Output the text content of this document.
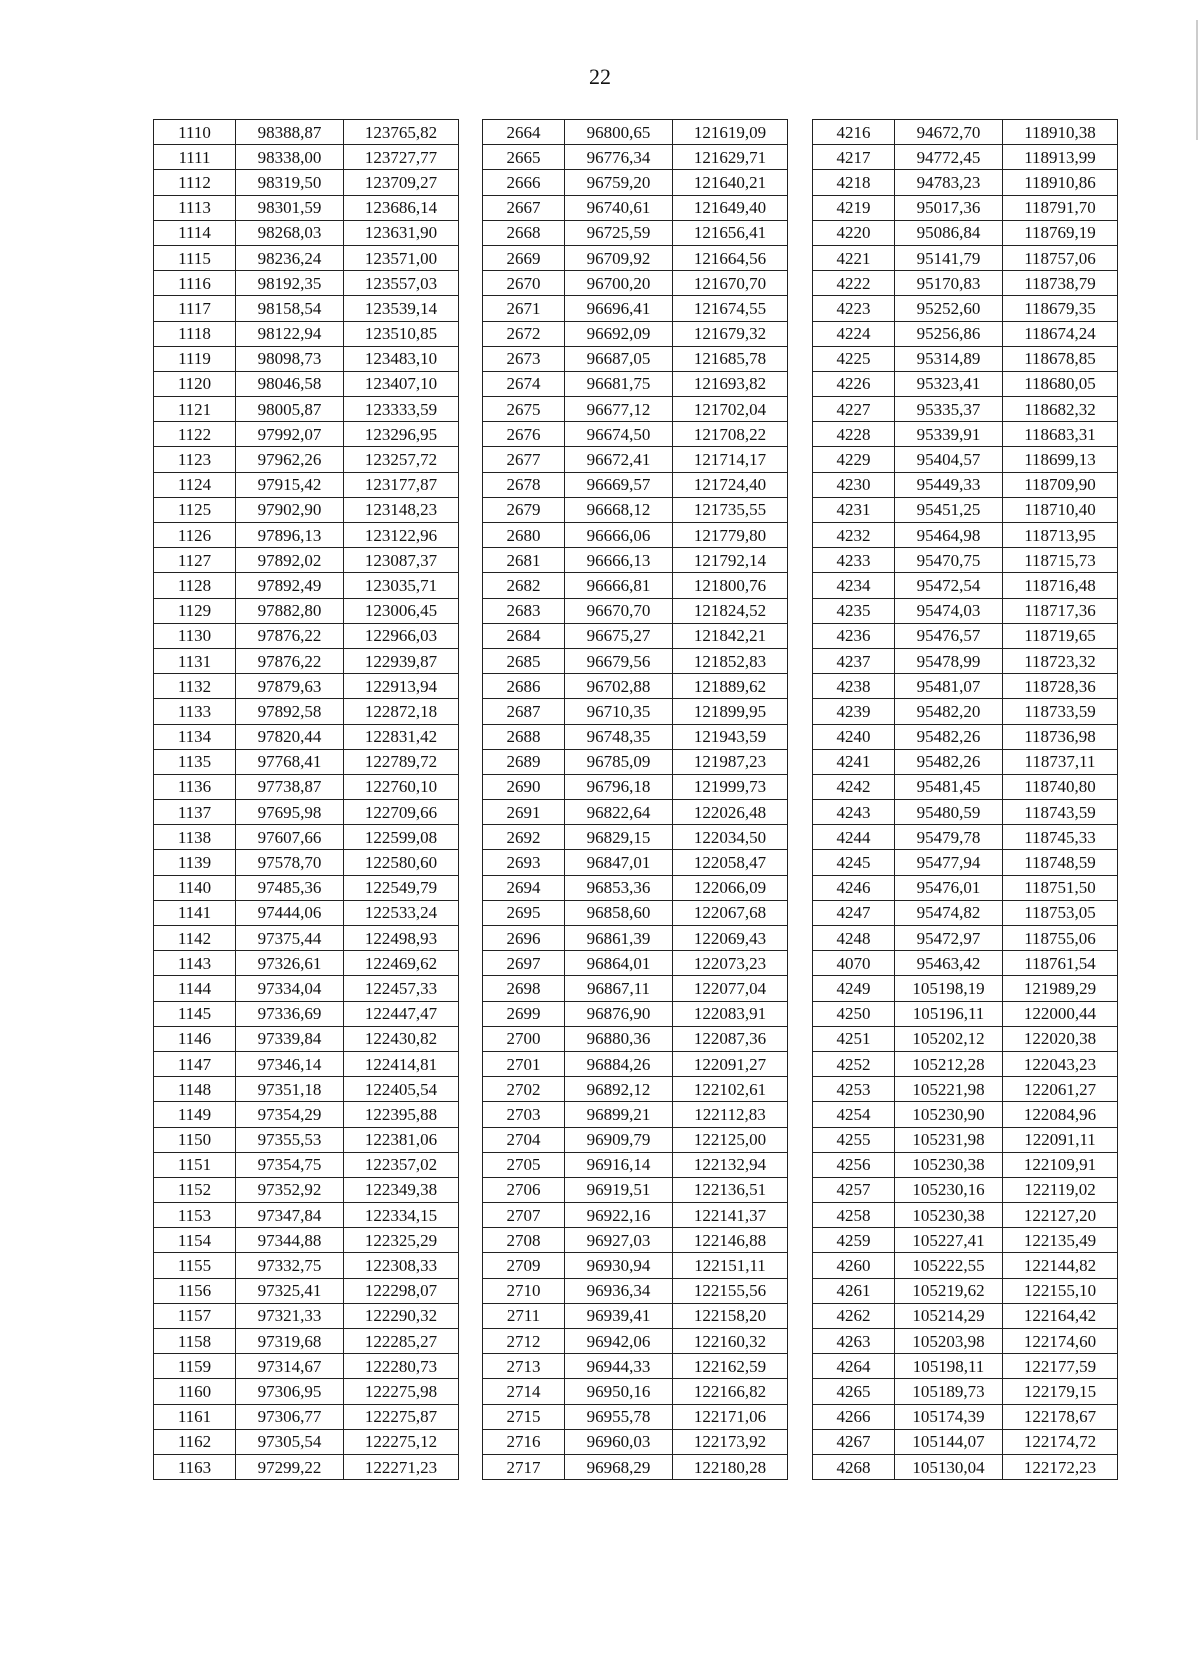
22
1110	98388,87	123765,82
1111	98338,00	123727,77
1112	98319,50	123709,27
1113	98301,59	123686,14
1114	98268,03	123631,90
1115	98236,24	123571,00
1116	98192,35	123557,03
1117	98158,54	123539,14
1118	98122,94	123510,85
1119	98098,73	123483,10
1120	98046,58	123407,10
1121	98005,87	123333,59
1122	97992,07	123296,95
1123	97962,26	123257,72
1124	97915,42	123177,87
1125	97902,90	123148,23
1126	97896,13	123122,96
1127	97892,02	123087,37
1128	97892,49	123035,71
1129	97882,80	123006,45
1130	97876,22	122966,03
1131	97876,22	122939,87
1132	97879,63	122913,94
1133	97892,58	122872,18
1134	97820,44	122831,42
1135	97768,41	122789,72
1136	97738,87	122760,10
1137	97695,98	122709,66
1138	97607,66	122599,08
1139	97578,70	122580,60
1140	97485,36	122549,79
1141	97444,06	122533,24
1142	97375,44	122498,93
1143	97326,61	122469,62
1144	97334,04	122457,33
1145	97336,69	122447,47
1146	97339,84	122430,82
1147	97346,14	122414,81
1148	97351,18	122405,54
1149	97354,29	122395,88
1150	97355,53	122381,06
1151	97354,75	122357,02
1152	97352,92	122349,38
1153	97347,84	122334,15
1154	97344,88	122325,29
1155	97332,75	122308,33
1156	97325,41	122298,07
1157	97321,33	122290,32
1158	97319,68	122285,27
1159	97314,67	122280,73
1160	97306,95	122275,98
1161	97306,77	122275,87
1162	97305,54	122275,12
1163	97299,22	122271,23
2664	96800,65	121619,09
2665	96776,34	121629,71
2666	96759,20	121640,21
2667	96740,61	121649,40
2668	96725,59	121656,41
2669	96709,92	121664,56
2670	96700,20	121670,70
2671	96696,41	121674,55
2672	96692,09	121679,32
2673	96687,05	121685,78
2674	96681,75	121693,82
2675	96677,12	121702,04
2676	96674,50	121708,22
2677	96672,41	121714,17
2678	96669,57	121724,40
2679	96668,12	121735,55
2680	96666,06	121779,80
2681	96666,13	121792,14
2682	96666,81	121800,76
2683	96670,70	121824,52
2684	96675,27	121842,21
2685	96679,56	121852,83
2686	96702,88	121889,62
2687	96710,35	121899,95
2688	96748,35	121943,59
2689	96785,09	121987,23
2690	96796,18	121999,73
2691	96822,64	122026,48
2692	96829,15	122034,50
2693	96847,01	122058,47
2694	96853,36	122066,09
2695	96858,60	122067,68
2696	96861,39	122069,43
2697	96864,01	122073,23
2698	96867,11	122077,04
2699	96876,90	122083,91
2700	96880,36	122087,36
2701	96884,26	122091,27
2702	96892,12	122102,61
2703	96899,21	122112,83
2704	96909,79	122125,00
2705	96916,14	122132,94
2706	96919,51	122136,51
2707	96922,16	122141,37
2708	96927,03	122146,88
2709	96930,94	122151,11
2710	96936,34	122155,56
2711	96939,41	122158,20
2712	96942,06	122160,32
2713	96944,33	122162,59
2714	96950,16	122166,82
2715	96955,78	122171,06
2716	96960,03	122173,92
2717	96968,29	122180,28
4216	94672,70	118910,38
4217	94772,45	118913,99
4218	94783,23	118910,86
4219	95017,36	118791,70
4220	95086,84	118769,19
4221	95141,79	118757,06
4222	95170,83	118738,79
4223	95252,60	118679,35
4224	95256,86	118674,24
4225	95314,89	118678,85
4226	95323,41	118680,05
4227	95335,37	118682,32
4228	95339,91	118683,31
4229	95404,57	118699,13
4230	95449,33	118709,90
4231	95451,25	118710,40
4232	95464,98	118713,95
4233	95470,75	118715,73
4234	95472,54	118716,48
4235	95474,03	118717,36
4236	95476,57	118719,65
4237	95478,99	118723,32
4238	95481,07	118728,36
4239	95482,20	118733,59
4240	95482,26	118736,98
4241	95482,26	118737,11
4242	95481,45	118740,80
4243	95480,59	118743,59
4244	95479,78	118745,33
4245	95477,94	118748,59
4246	95476,01	118751,50
4247	95474,82	118753,05
4248	95472,97	118755,06
4070	95463,42	118761,54
4249	105198,19	121989,29
4250	105196,11	122000,44
4251	105202,12	122020,38
4252	105212,28	122043,23
4253	105221,98	122061,27
4254	105230,90	122084,96
4255	105231,98	122091,11
4256	105230,38	122109,91
4257	105230,16	122119,02
4258	105230,38	122127,20
4259	105227,41	122135,49
4260	105222,55	122144,82
4261	105219,62	122155,10
4262	105214,29	122164,42
4263	105203,98	122174,60
4264	105198,11	122177,59
4265	105189,73	122179,15
4266	105174,39	122178,67
4267	105144,07	122174,72
4268	105130,04	122172,23
